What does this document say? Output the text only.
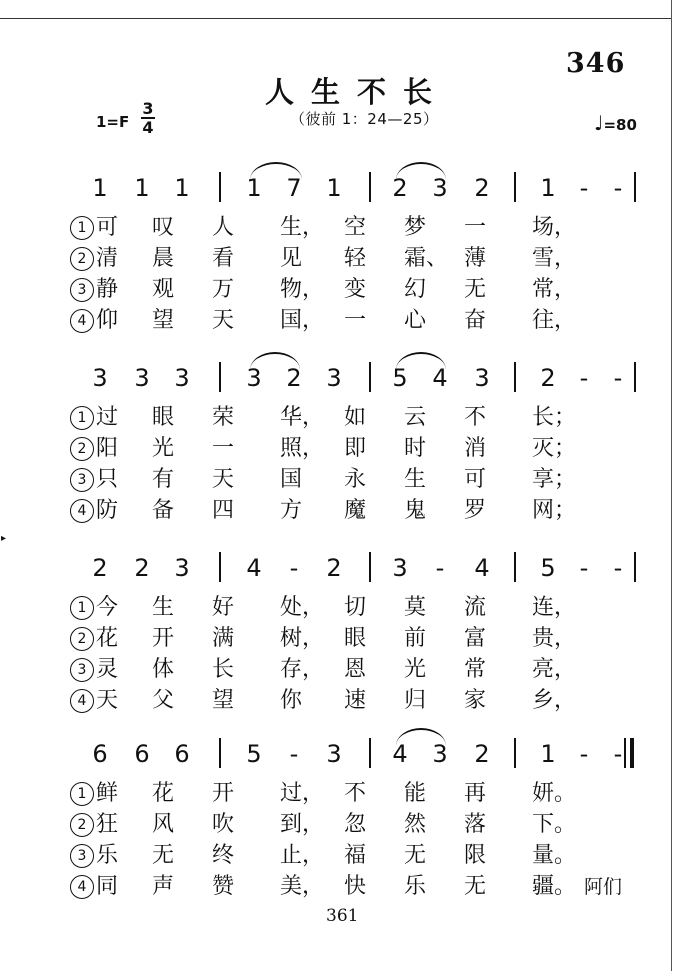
346
人生不长
（彼前 1：24—25）
1=F
3
4	♩=80
1 1 1 1 7 1 2 3 2 1 - -
1 可 叹 人 生， 空 梦 一 场，
2 清 晨 看 见 轻 霜、 薄 雪，
3 静 观 万 物， 变 幻 无 常，
4 仰 望 天 国， 一 心 奋 往，
3 3 3 3 2 3 5 4 3 2 - -
1 过 眼 荣 华， 如 云 不 长；
2 阳 光 一 照， 即 时 消 灭；
3 只 有 天 国 永 生 可 享；
4 防 备 四 方 魔 鬼 罗 网；
2 2 3 4 - 2 3 - 4 5 - -
1 今 生 好 处， 切 莫 流 连，
2 花 开 满 树， 眼 前 富 贵，
3 灵 体 长 存， 恩 光 常 亮，
4 天 父 望 你 速 归 家 乡，
6 6 6 5 - 3 4 3 2 1 - -
1 鲜 花 开 过， 不 能 再 妍。
2 狂 风 吹 到， 忽 然 落 下。
3 乐 无 终 止， 福 无 限 量。
4 同 声 赞 美， 快 乐 无 疆。 阿们
361
▸
